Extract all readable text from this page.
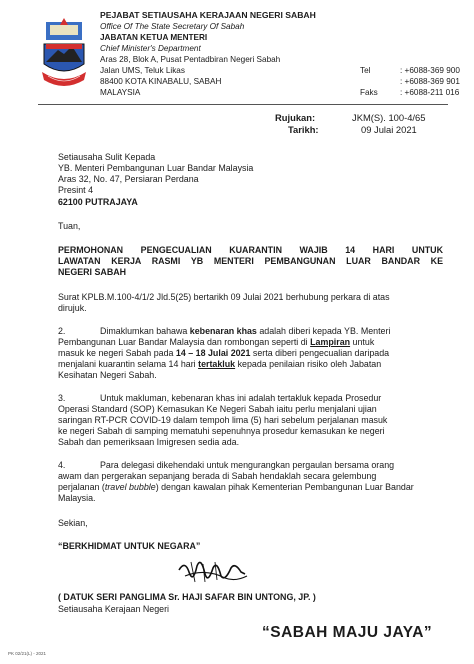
PEJABAT SETIAUSAHA KERAJAAN NEGERI SABAH
Office Of The State Secretary Of Sabah
JABATAN KETUA MENTERI
Chief Minister's Department
Aras 28, Blok A, Pusat Pentadbiran Negeri Sabah
Jalan UMS, Teluk Likas
88400 KOTA KINABALU, SABAH
MALAYSIA
Tel	: +6088-369 900
: +6088-369 901
Faks	: +6088-211 016
Rujukan:	JKM(S). 100-4/65
Tarikh:	09 Julai 2021
Setiausaha Sulit Kepada
YB. Menteri Pembangunan Luar Bandar Malaysia
Aras 32, No. 47, Persiaran Perdana
Presint 4
62100 PUTRAJAYA
Tuan,
PERMOHONAN PENGECUALIAN KUARANTIN WAJIB 14 HARI UNTUK
LAWATAN KERJA RASMI YB MENTERI PEMBANGUNAN LUAR BANDAR KE
NEGERI SABAH
Surat KPLB.M.100-4/1/2 Jld.5(25) bertarikh 09 Julai 2021 berhubung perkara di atas
dirujuk.
2.	Dimaklumkan bahawa kebenaran khas adalah diberi kepada YB. Menteri
Pembangunan Luar Bandar Malaysia dan rombongan seperti di Lampiran untuk
masuk ke negeri Sabah pada 14 – 18 Julai 2021 serta diberi pengecualian daripada
menjalani kuarantin selama 14 hari tertakluk kepada penilaian risiko oleh Jabatan
Kesihatan Negeri Sabah.
3.	Untuk makluman, kebenaran khas ini adalah tertakluk kepada Prosedur
Operasi Standard (SOP) Kemasukan Ke Negeri Sabah iaitu perlu menjalani ujian
saringan RT-PCR COVID-19 dalam tempoh lima (5) hari sebelum perjalanan masuk
ke negeri Sabah di samping mematuhi sepenuhnya prosedur kemasukan ke negeri
Sabah dan pemeriksaan Imigresen sedia ada.
4.	Para delegasi dikehendaki untuk mengurangkan pergaulan bersama orang
awam dan pergerakan sepanjang berada di Sabah hendaklah secara gelembung
perjalanan (travel bubble) dengan kawalan pihak Kementerian Pembangunan Luar Bandar
Malaysia.
Sekian,
“BERKHIDMAT UNTUK NEGARA”
( DATUK SERI PANGLIMA Sr. HAJI SAFAR BIN UNTONG, JP. )
Setiausaha Kerajaan Negeri
“SABAH MAJU JAYA”
PK 02/21(L) - 2021
